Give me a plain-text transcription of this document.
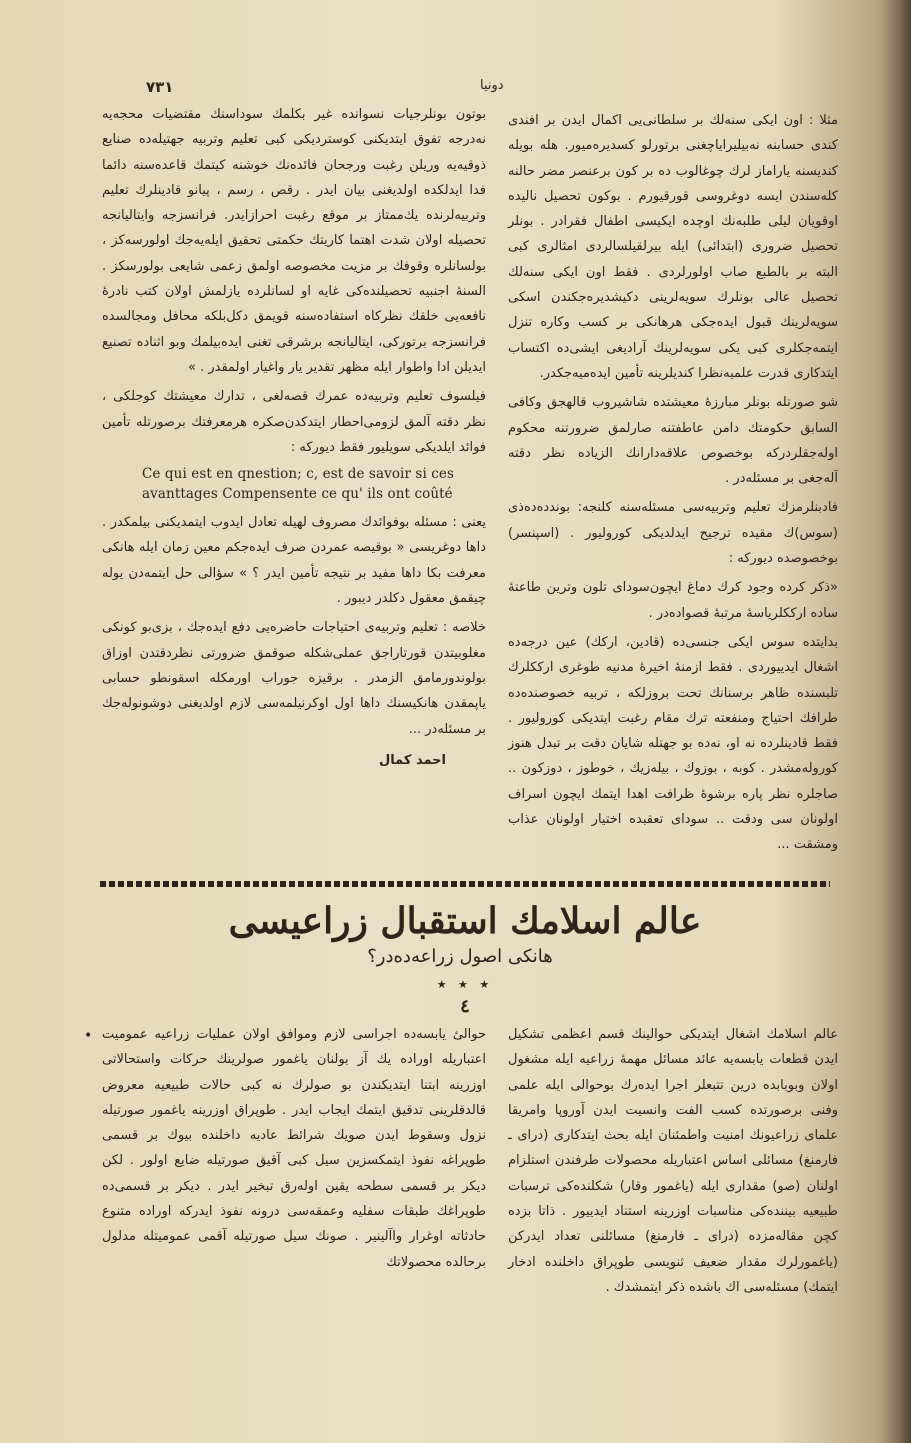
٧٣١	دونیا

مثلا : اون ایکی سنه‌لك بر سلطانی‌یی اکمال ایدن بر افندی کندی حسابنه نه‌بیلیرایاچغنی برتورلو کسدیره‌میور. هله بویله کندیسنه یاراماز لرك چوغالوب ده بر کون برعنصر مضر حالنه کله‌سندن ایسه دوغروسی قورقیورم . بوکون تحصیل نالیده اوقویان لیلی طلبه‌نك اوچده ایکیسی اطفال فقرادر . بونلر تحصیل ضروری (ابتدائی) ایله بیرلقیلسالردی امثالری کبی البته بر بالطبع صاب اولورلردی . فقط اون ایکی سنه‌لك تحصیل عالی بونلرك سویه‌لرینی دکیشدیره‌جکندن اسکی سویه‌لرینك قبول ایده‌جکی هرهانکی بر کسب وکاره تنزل ایتمه‌جکلری کبی یکی سویه‌لرینك آرادیغی ایشی‌ده اکتساب ایتدکاری قدرت علمیه‌نظرا کندیلرینه تأمین ایده‌میه‌جکدر.

شو صورتله بونلر مبارزه‌ٔ معیشتده شاشیروب قالهجق وکافی السابق حکومتك دامن عاطفتنه صارلمق ضرورتنه محکوم اوله‌جقلردرکه بوخصوص علاقه‌دارانك الزیاده نظر دقته آله‌جغی بر مسئله‌در .

فادبنلرمزك تعلیم وتربیه‌سی مسئله‌سنه کلنجه: بوندده‌ده‌ذی (سوس)ك مقیده ترجیح ایدلدیکی کورولیور . (اسپنسر) بوخصوصده دیورکه :

«ذکر کرده وجود کرك دماغ ایچون‌سودای تلون وترین طاعته‌ٔ ساده ارککلریاسه‌ٔ مرتبه‌ٔ قصواده‌در .

بدایتده سوس ایکی جنسی‌ده (قادین، ارکك) عین درجه‌ده اشغال ایدییوردی . فقط ازمنه‌ٔ اخیره‌ٔ مدنیه طوغری ارککلرك تلبسنده ظاهر برسنانك تحت بروزلکه ، تربیه خصوصنده‌ده طرافك احتیاج ومنفعته ترك مقام رغبت ایتدیکی کورولیور . فقط قادینلرده نه او، نه‌ده بو جهتله شایان دقت بر تبدل هنوز کوروله‌مشدر . کوبه ، بوزوك ، بیله‌زیك ، خوطوز ، دوزکون .. صاجلره نظر پاره برشوه‌ٔ ظرافت اهدا ایتمك ایچون اسراف اولونان سی ودقت .. سودای تعقبده اختیار اولونان عذاب ومشقت ...

بوتون بونلرجیات نسوانده غیر بکلمك سوداسنك مقتضیات محجه‌یه نه‌درجه تفوق ایتدیکنی کوستردیکی کبی تعلیم وتربیه جهتیله‌ده صنایع ذوقیه‌یه وریلن رغبت ورجحان فائده‌نك خوشنه کیتمك قاعده‌سنه دائما فدا ایدلکده اولدیغنی بیان ایدر . رقص ، رسم ، پیانو قادینلرك تعلیم وتربیه‌لرنده یك‌ممتاز بر موقع رغبت احرازایدر. فرانسزجه وایتالیانجه تحصیله اولان شدت اهتما کاریتك حکمتی تحقیق ایله‌یه‌جك اولورسه‌کز ، بولسانلره وقوفك بر مزیت مخصوصه اولمق زعمی شایعی بولورسکز . السنه‌ٔ اجنبیه تحصیلنده‌کی غایه او لسانلرده یازلمش اولان کتب نادره‌ٔ نافعه‌یی خلقك نظرکاه استفاده‌سنه قویمق دکل‌بلکه محافل ومجالسده فرانسزجه برتورکی، ایتالیانجه برشرقی تغنی ایده‌بیلمك وبو اثناده تصنیع ایدیلن ادا واطوار ایله مظهر تقدیر یار واغیار اولمقدر . »

فیلسوف تعلیم وتربیه‌ده عمرك قصه‌لغی ، تدارك معیشتك کوجلکی ، نظر دقته آلمق لزومی‌احطار ایتدکدن‌صکره هرمعرفتك برصورتله تأمین فوائد ایلدیکی سویلیور فقط دیورکه :

Ce qui est en qnestion; c, est de savoir si ces avanttages Compensente ce qu' ils ont coûté

یعنی : مسئله بوفوائدك مصروف لهیله تعادل ایدوب ایتمدیکنی بیلمکدر . داها دوغریسی « بوقیصه عمردن صرف ایده‌جکم معین زمان ایله هانکی معرفت بکا داها مفید بر نتیجه تأمین ایدر ؟ » سؤالی حل ایتمه‌دن یوله چیقمق معقول دکلدر دیبور .

خلاصه : تعلیم وتربیه‌ی احتیاجات حاضره‌یی دفع ایده‌جك ، بزی‌بو کونکی مغلوبیتدن قورتاراجق عملی‌شکله صوقمق ضرورتی نظردقتدن اوزاق بولوندورمامق الزمدر . برقیزه جوراب اورمکله اسقونطو حسابی یاپمقدن هانکیسنك داها اول اوکرنیلمه‌سی لازم اولدیغنی دوشونوله‌جك بر مسئله‌در ...

احمد کمال
عالم اسلامك استقبال زراعیسی
هانکی اصول زراعه‌ده‌در؟
★ ★ ★
٤

عالم اسلامك اشغال ایتدیکی حوالینك قسم اعظمی تشکیل ایدن قطعات یابسه‌یه عائد مسائل مهمه‌ٔ زراعیه ایله مشغول اولان وبوبابده درین تتبعلر اجرا ایده‌رك بوحوالی ایله علمی وفنی برصورتده کسب الفت وانسیت ایدن آوروپا وامریقا علمای زراعیونك امنیت واطمئنان ایله بحث ایتدکاری (درای ـ فارمنغ) مسائلی اساس اعتباریله محصولات طرفندن استلزام اولنان (صو) مقداری ایله (یاغمور وقار) شکلنده‌کی ترسبات طبیعیه بیننده‌کی مناسبات اوزرینه استناد ایدییور . ذاتا بزده کچن مقاله‌مزده (درای ـ فارمنغ) مسائلنی تعداد ایدرکن (یاغمورلرك مقدار ضعیف ثنویسی طوپراق داخلنده ادخار ایتمك) مسئله‌سی اك باشده ذکر ایتمشدك .

• حوالیٔ یابسه‌ده اجراسی لازم وموافق اولان عملیات زراعیه عمومیت اعتباریله اوراده یك آز بولنان یاغمور صولرینك حرکات واستحالاتی اوزرینه ابتنا ایتدیکندن بو صولرك نه کبی حالات طبیعیه معروض قالدقلرینی تدقیق ایتمك ایجاب ایدر . طوپراق اوزرینه یاغمور صورتیله نزول وسقوط ایدن صویك شرائط عادیه داخلنده بیوك بر قسمی طوپراغه نفوذ ایتمکسزین سیل کبی آقیق صورتیله ضایع اولور . لکن دیکر بر قسمی سطحه یقین اوله‌رق تبخیر ایدر . دیکر بر قسمی‌ده طوپراغك طبقات سفلیه وعمقه‌سی درونه نفوذ ایدرکه اوراده متنوع حادثاته اوغرار واآلینیر . صونك سیل صورتیله آقمی عمومیتله مدلول برحالده محصولاتك
